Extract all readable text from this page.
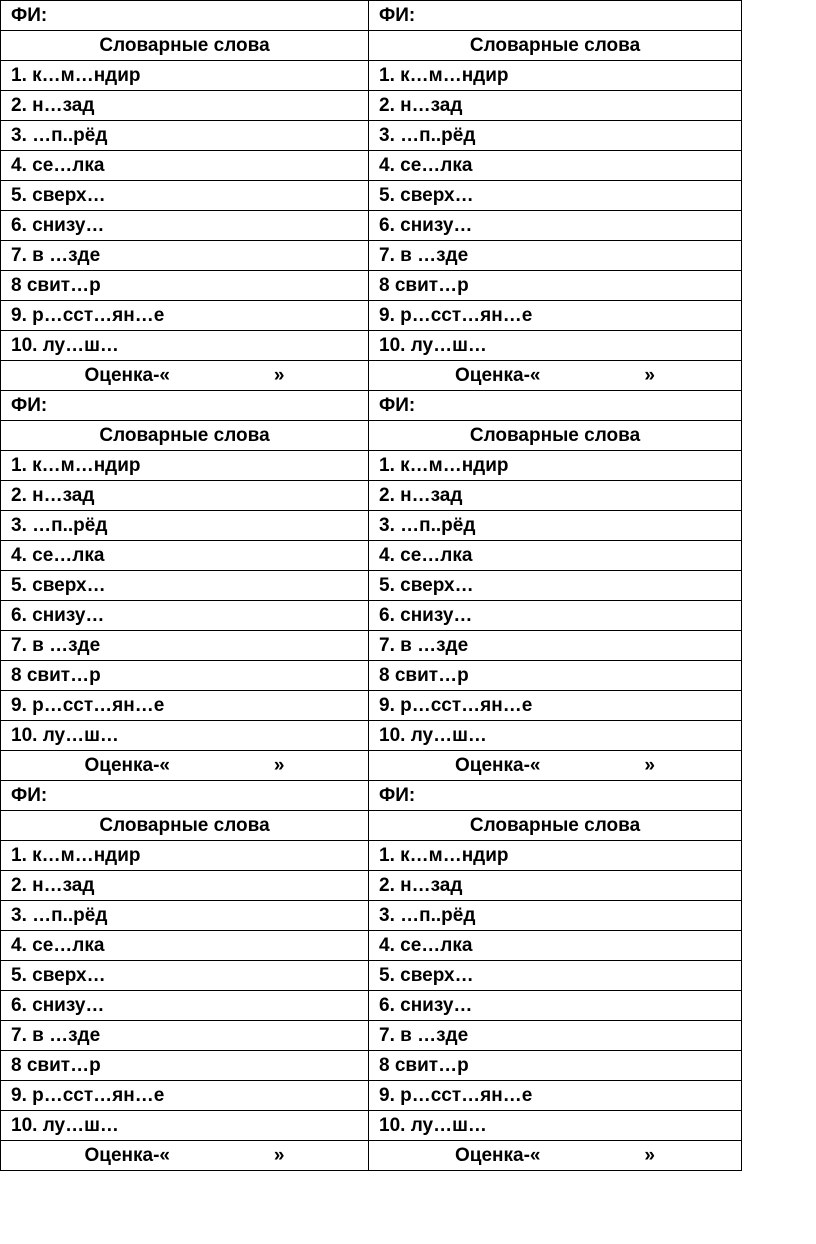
ФИ:	ФИ:
Словарные слова	Словарные слова
1. к…м…ндир	1. к…м…ндир
2. н…зад	2. н…зад
3. …п..рёд	3. …п..рёд
4. се…лка	4. се…лка
5. сверх…	5. сверх…
6. снизу…	6. снизу…
7. в …зде	7. в …зде
8 свит…р	8 свит…р
9. р…сст…ян…е	9. р…сст…ян…е
10. лу…ш…	10. лу…ш…
Оценка-« »	Оценка-« »

ФИ:	ФИ:
Словарные слова	Словарные слова
1. к…м…ндир	1. к…м…ндир
2. н…зад	2. н…зад
3. …п..рёд	3. …п..рёд
4. се…лка	4. се…лка
5. сверх…	5. сверх…
6. снизу…	6. снизу…
7. в …зде	7. в …зде
8 свит…р	8 свит…р
9. р…сст…ян…е	9. р…сст…ян…е
10. лу…ш…	10. лу…ш…
Оценка-« »	Оценка-« »

ФИ:	ФИ:
Словарные слова	Словарные слова
1. к…м…ндир	1. к…м…ндир
2. н…зад	2. н…зад
3. …п..рёд	3. …п..рёд
4. се…лка	4. се…лка
5. сверх…	5. сверх…
6. снизу…	6. снизу…
7. в …зде	7. в …зде
8 свит…р	8 свит…р
9. р…сст…ян…е	9. р…сст…ян…е
10. лу…ш…	10. лу…ш…
Оценка-« »	Оценка-« »
